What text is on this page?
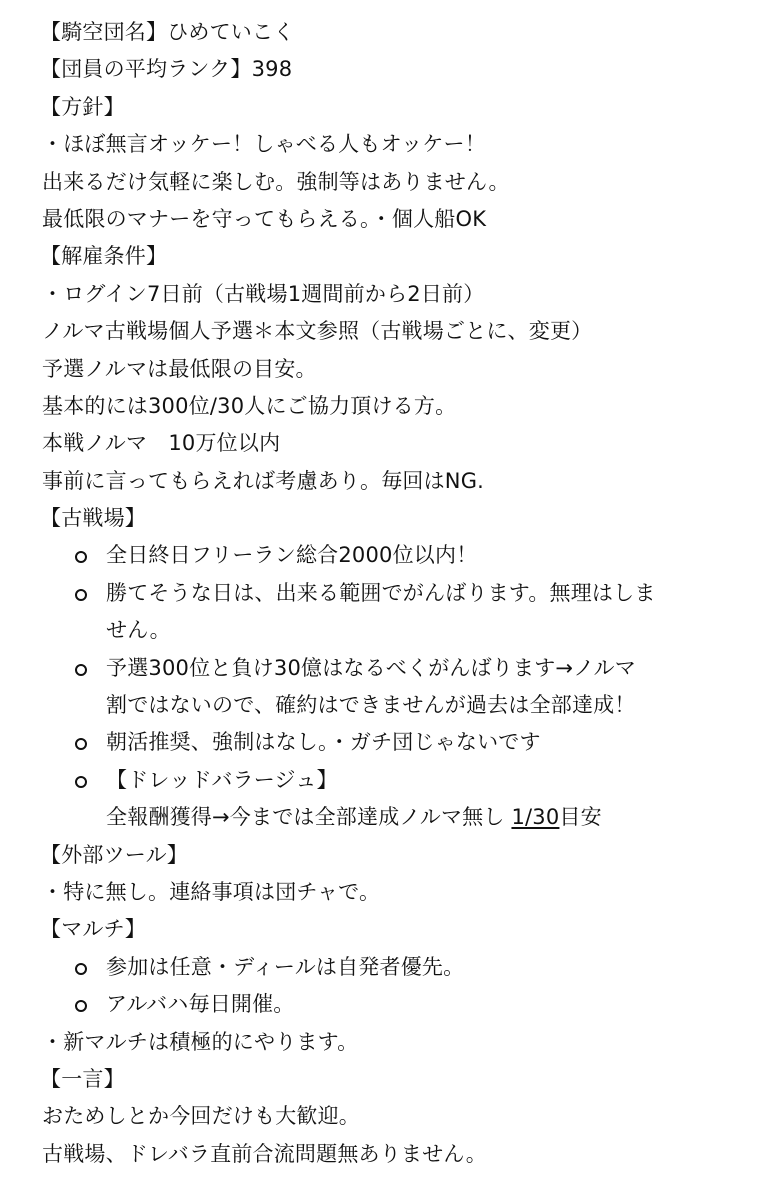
【騎空団名】ひめていこく
【団員の平均ランク】398
【方針】
・ほぼ無言オッケー！しゃべる人もオッケー！
出来るだけ気軽に楽しむ。強制等はありません。
最低限のマナーを守ってもらえる。・個人船OK
【解雇条件】
・ログイン7日前（古戦場1週間前から2日前）
ノルマ古戦場個人予選＊本文参照（古戦場ごとに、変更）
予選ノルマは最低限の目安。
基本的には300位/30人にご協力頂ける方。
本戦ノルマ　10万位以内
事前に言ってもらえれば考慮あり。毎回はNG.
【古戦場】
全日終日フリーラン総合2000位以内！
勝てそうな日は、出来る範囲でがんばります。無理はしま
せん。
予選300位と負け30億はなるべくがんばります→ノルマ
割ではないので、確約はできませんが過去は全部達成！
朝活推奨、強制はなし。・ガチ団じゃないです
【ドレッドバラージュ】
全報酬獲得→今までは全部達成ノルマ無し 1/30目安
【外部ツール】
・特に無し。連絡事項は団チャで。
【マルチ】
参加は任意・ディールは自発者優先。
アルバハ毎日開催。
・新マルチは積極的にやります。
【一言】
おためしとか今回だけも大歓迎。
古戦場、ドレバラ直前合流問題無ありません。
